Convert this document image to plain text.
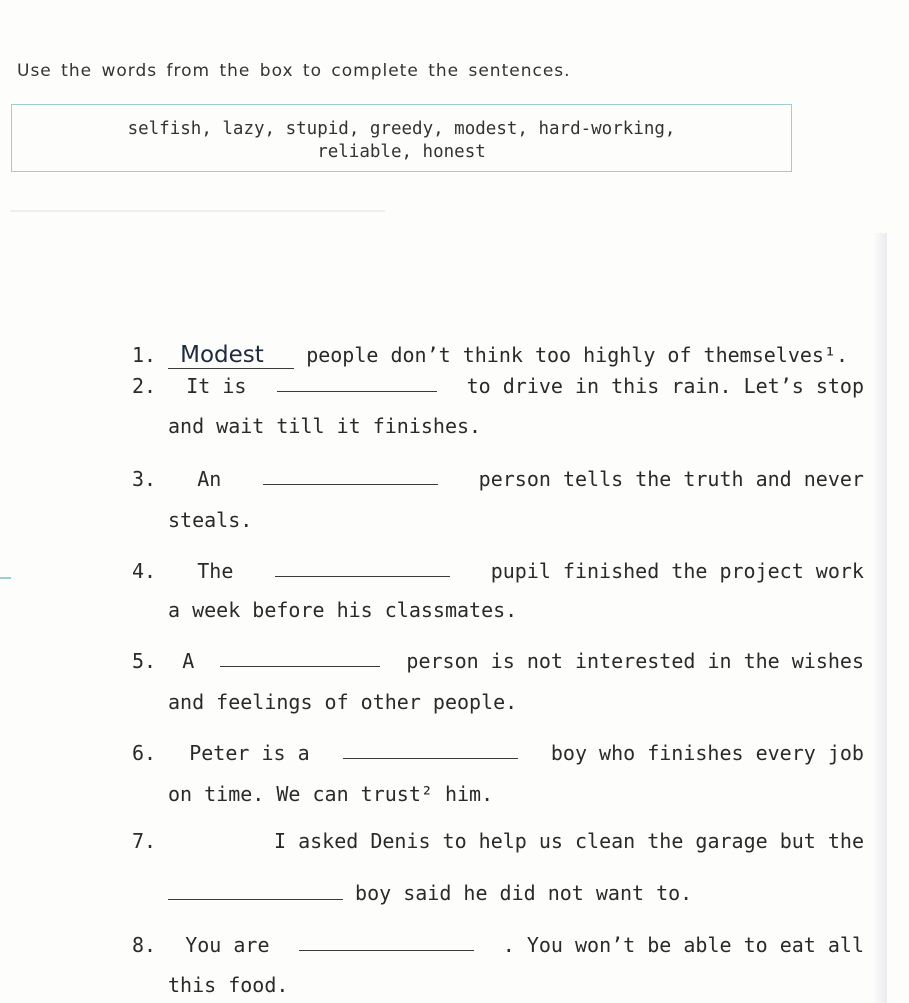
Use the words from the box to complete the sentences.
selfish, lazy, stupid, greedy, modest, hard-working,
reliable, honest
1. Modest people don’t think too highly of themselves¹.
2. It is	to drive in this rain. Let’s stop
and wait till it finishes.
3. An	person tells the truth and never
steals.
4. The	pupil finished the project work
a week before his classmates.
5. A	person is not interested in the wishes
and feelings of other people.
6. Peter is a	boy who finishes every job
on time. We can trust² him.
7.	I asked Denis to help us clean the garage but the
boy said he did not want to.
8. You are	. You won’t be able to eat all
this food.
